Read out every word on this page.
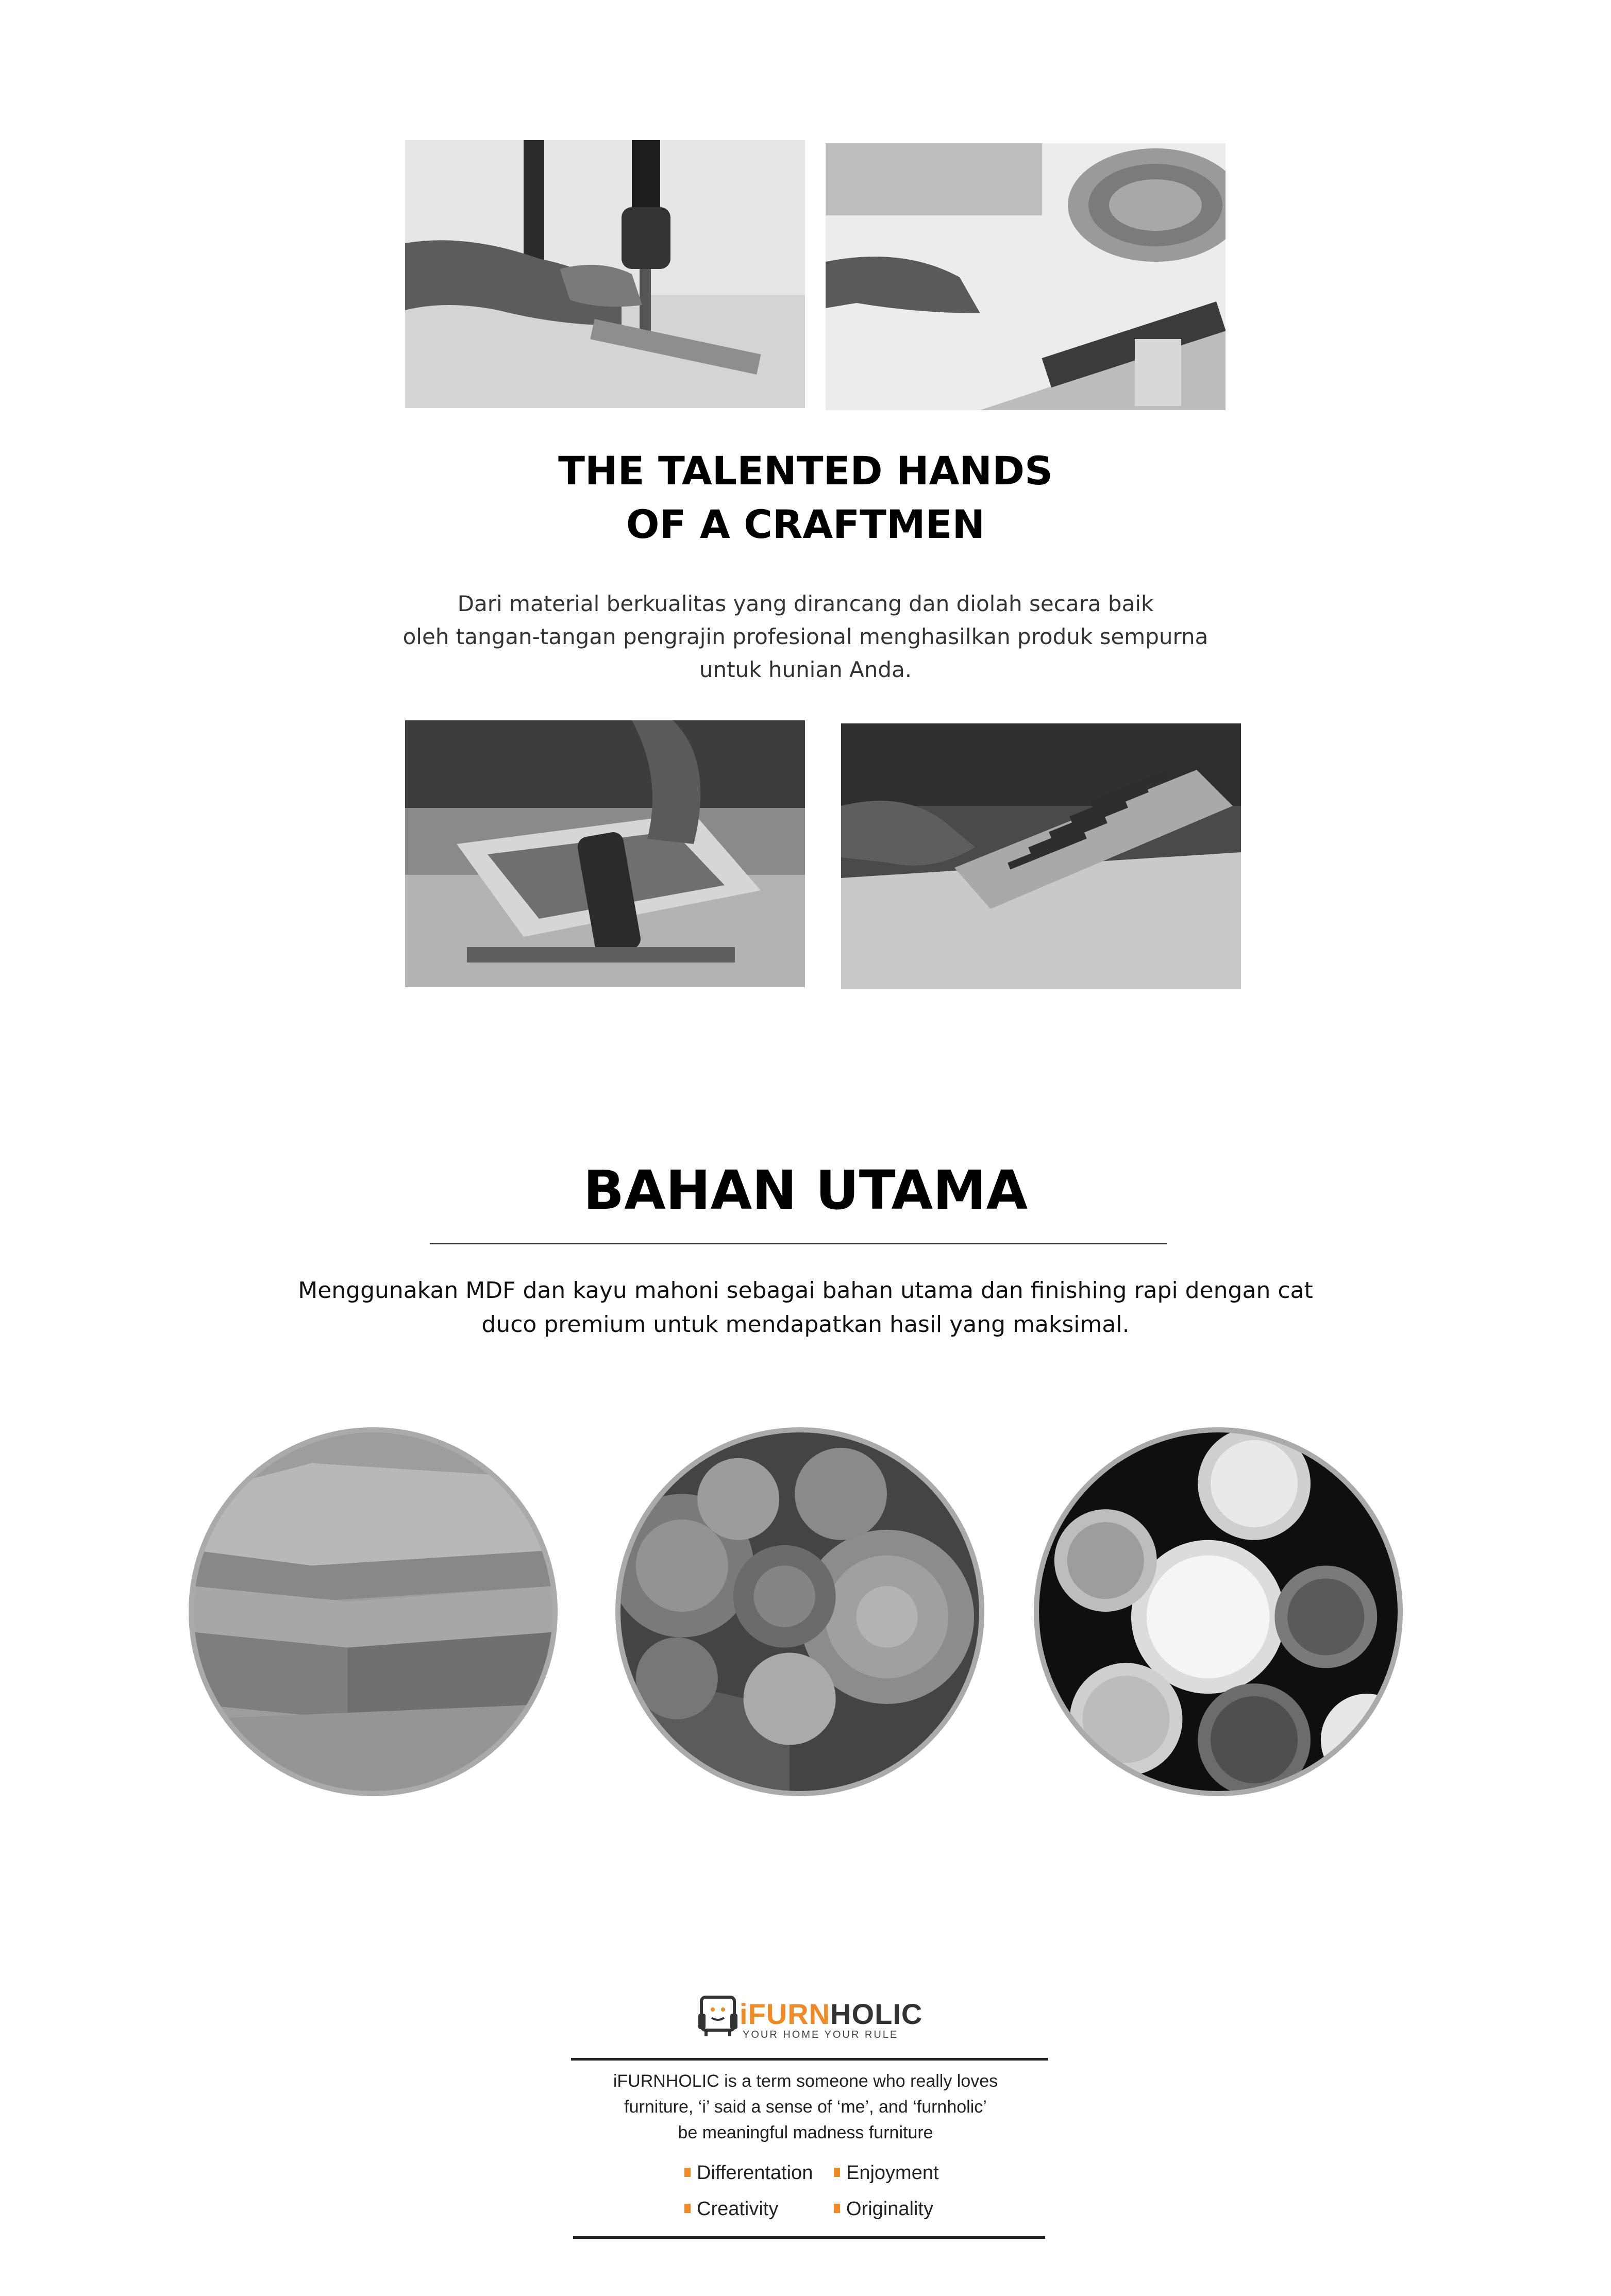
THE TALENTED HANDS
OF A CRAFTMEN
Dari material berkualitas yang dirancang dan diolah secara baik
oleh tangan-tangan pengrajin profesional menghasilkan produk sempurna
untuk hunian Anda.
BAHAN UTAMA
Menggunakan MDF dan kayu mahoni sebagai bahan utama dan finishing rapi dengan cat
duco premium untuk mendapatkan hasil yang maksimal.
iFURNHOLIC
YOUR HOME YOUR RULE
iFURNHOLIC is a term someone who really loves
furniture, ‘i’ said a sense of ‘me’, and ‘furnholic’
be meaningful madness furniture
Differentation	Enjoyment
Creativity	Originality
